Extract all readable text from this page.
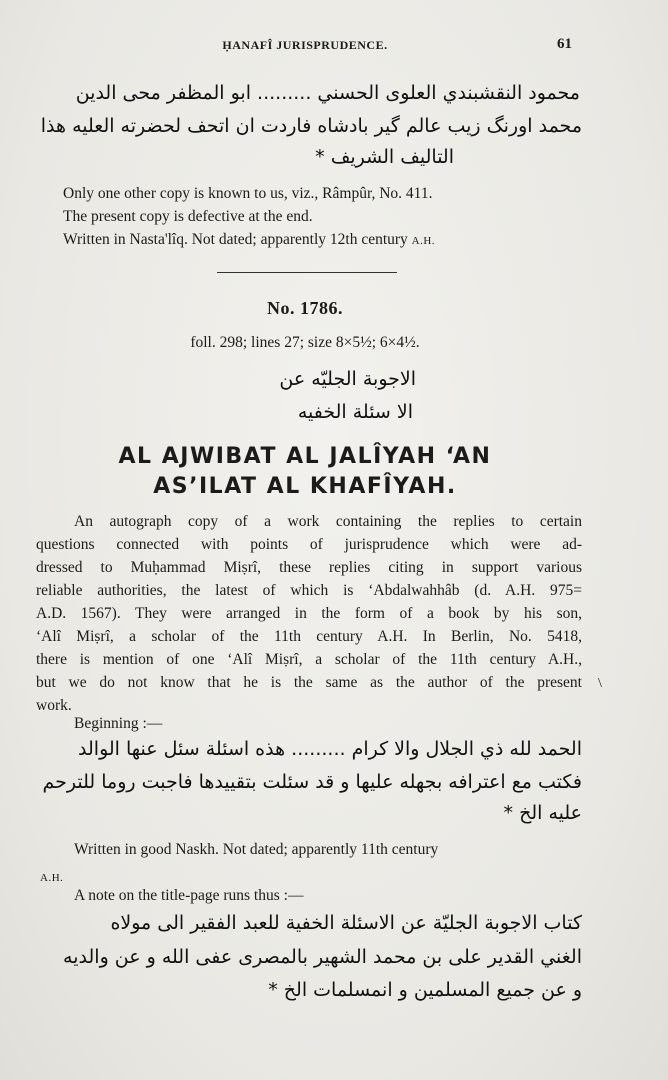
ḤANAFÎ JURISPRUDENCE.	61
محمود النقشبندي العلوی الحسني ......... ابو المظفر محی الدين
محمد اورنگ زيب عالم گير بادشاه فاردت ان اتحف لحضرته العليه هذا
التاليف الشريف *
Only one other copy is known to us, viz., Râmpûr, No. 411.
The present copy is defective at the end.
Written in Nasta'lîq. Not dated; apparently 12th century A.H.
No. 1786.
foll. 298; lines 27; size 8×5½; 6×4½.
الاجوبة الجليّه عن
الا سئلة الخفيه
AL AJWIBAT AL JALÎYAH ‘AN
AS’ILAT AL KHAFÎYAH.
An autograph copy of a work containing the replies to certain
questions connected with points of jurisprudence which were ad-
dressed to Muḥammad Miṣrî, these replies citing in support various
reliable authorities, the latest of which is ‘Abdalwahhâb (d. A.H. 975=
A.D. 1567). They were arranged in the form of a book by his son,
‘Alî Miṣrî, a scholar of the 11th century A.H. In Berlin, No. 5418,
there is mention of one ‘Alî Miṣrî, a scholar of the 11th century A.H.,
but we do not know that he is the same as the author of the present
work.
\
Beginning :—
الحمد لله ذي الجلال والا كرام ......... هذه اسئلة سئل عنها الوالد
فكتب مع اعترافه بجهله عليها و قد سئلت بتقييدها فاجبت روما للترحم
عليه الخ *
Written in good Naskh. Not dated; apparently 11th century
A.H.
A note on the title-page runs thus :—
كتاب الاجوبة الجليّة عن الاسئلة الخفية للعبد الفقير الى مولاه
الغني القدير على بن محمد الشهير بالمصرى عفى الله و عن والديه
و عن جميع المسلمين و انمسلمات الخ *
